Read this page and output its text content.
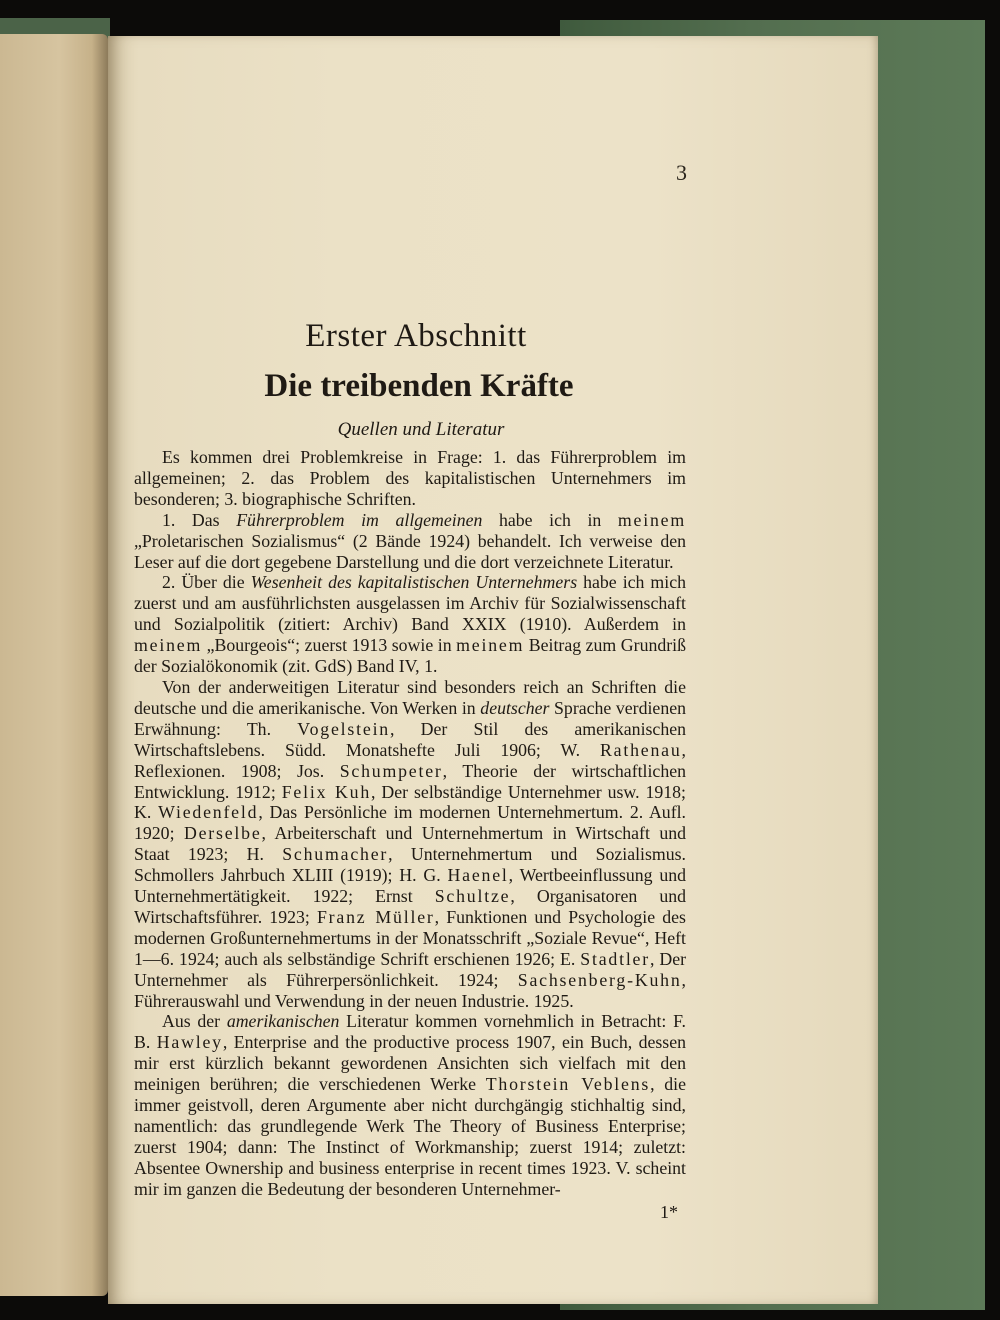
3
Erster Abschnitt
Die treibenden Kräfte
Quellen und Literatur

Es kommen drei Problemkreise in Frage: 1. das Führerproblem im allgemeinen; 2. das Problem des kapitalistischen Unternehmers im besonderen; 3. biographische Schriften.

1. Das Führerproblem im allgemeinen habe ich in meinem „Proletarischen Sozialismus“ (2 Bände 1924) behandelt. Ich verweise den Leser auf die dort gegebene Darstellung und die dort verzeichnete Literatur.

2. Über die Wesenheit des kapitalistischen Unternehmers habe ich mich zuerst und am ausführlichsten ausgelassen im Archiv für Sozialwissenschaft und Sozialpolitik (zitiert: Archiv) Band XXIX (1910). Außerdem in meinem „Bourgeois“; zuerst 1913 sowie in meinem Beitrag zum Grundriß der Sozialökonomik (zit. GdS) Band IV, 1.

Von der anderweitigen Literatur sind besonders reich an Schriften die deutsche und die amerikanische. Von Werken in deutscher Sprache verdienen Erwähnung: Th. Vogelstein, Der Stil des amerikanischen Wirtschaftslebens. Südd. Monatshefte Juli 1906; W. Rathenau, Reflexionen. 1908; Jos. Schumpeter, Theorie der wirtschaftlichen Entwicklung. 1912; Felix Kuh, Der selbständige Unternehmer usw. 1918; K. Wiedenfeld, Das Persönliche im modernen Unternehmertum. 2. Aufl. 1920; Derselbe, Arbeiterschaft und Unternehmertum in Wirtschaft und Staat 1923; H. Schumacher, Unternehmertum und Sozialismus. Schmollers Jahrbuch XLIII (1919); H. G. Haenel, Wertbeeinflussung und Unternehmertätigkeit. 1922; Ernst Schultze, Organisatoren und Wirtschaftsführer. 1923; Franz Müller, Funktionen und Psychologie des modernen Großunternehmertums in der Monatsschrift „Soziale Revue“, Heft 1—6. 1924; auch als selbständige Schrift erschienen 1926; E. Stadtler, Der Unternehmer als Führerpersönlichkeit. 1924; Sachsenberg-Kuhn, Führerauswahl und Verwendung in der neuen Industrie. 1925.

Aus der amerikanischen Literatur kommen vornehmlich in Betracht: F. B. Hawley, Enterprise and the productive process 1907, ein Buch, dessen mir erst kürzlich bekannt gewordenen Ansichten sich vielfach mit den meinigen berühren; die verschiedenen Werke Thorstein Veblens, die immer geistvoll, deren Argumente aber nicht durchgängig stichhaltig sind, namentlich: das grundlegende Werk The Theory of Business Enterprise; zuerst 1904; dann: The Instinct of Workmanship; zuerst 1914; zuletzt: Absentee Ownership and business enterprise in recent times 1923. V. scheint mir im ganzen die Bedeutung der besonderen Unternehmer-

1*
